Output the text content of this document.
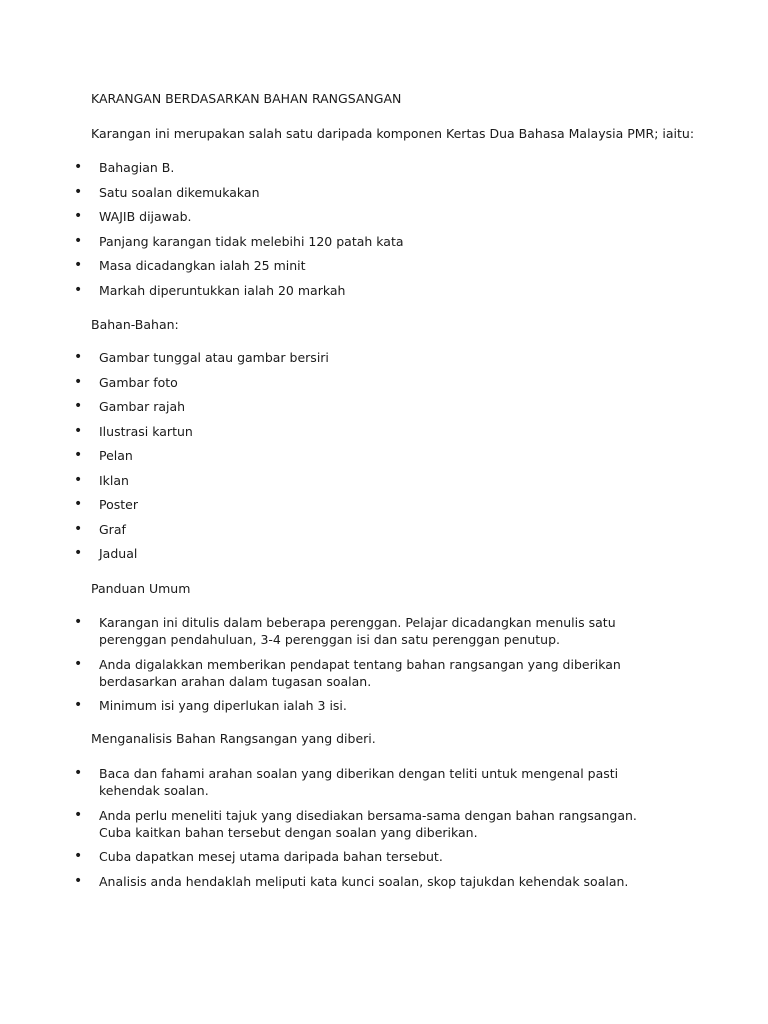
KARANGAN BERDASARKAN BAHAN RANGSANGAN

Karangan ini merupakan salah satu daripada komponen Kertas Dua Bahasa Malaysia PMR; iaitu:

• Bahagian B.
• Satu soalan dikemukakan
• WAJIB dijawab.
• Panjang karangan tidak melebihi 120 patah kata
• Masa dicadangkan ialah 25 minit
• Markah diperuntukkan ialah 20 markah

Bahan-Bahan:

• Gambar tunggal atau gambar bersiri
• Gambar foto
• Gambar rajah
• Ilustrasi kartun
• Pelan
• Iklan
• Poster
• Graf
• Jadual

Panduan Umum

• Karangan ini ditulis dalam beberapa perenggan. Pelajar dicadangkan menulis satu perenggan pendahuluan, 3-4 perenggan isi dan satu perenggan penutup.
• Anda digalakkan memberikan pendapat tentang bahan rangsangan yang diberikan berdasarkan arahan dalam tugasan soalan.
• Minimum isi yang diperlukan ialah 3 isi.

Menganalisis Bahan Rangsangan yang diberi.

• Baca dan fahami arahan soalan yang diberikan dengan teliti untuk mengenal pasti kehendak soalan.
• Anda perlu meneliti tajuk yang disediakan bersama-sama dengan bahan rangsangan. Cuba kaitkan bahan tersebut dengan soalan yang diberikan.
• Cuba dapatkan mesej utama daripada bahan tersebut.
• Analisis anda hendaklah meliputi kata kunci soalan, skop tajukdan kehendak soalan.
